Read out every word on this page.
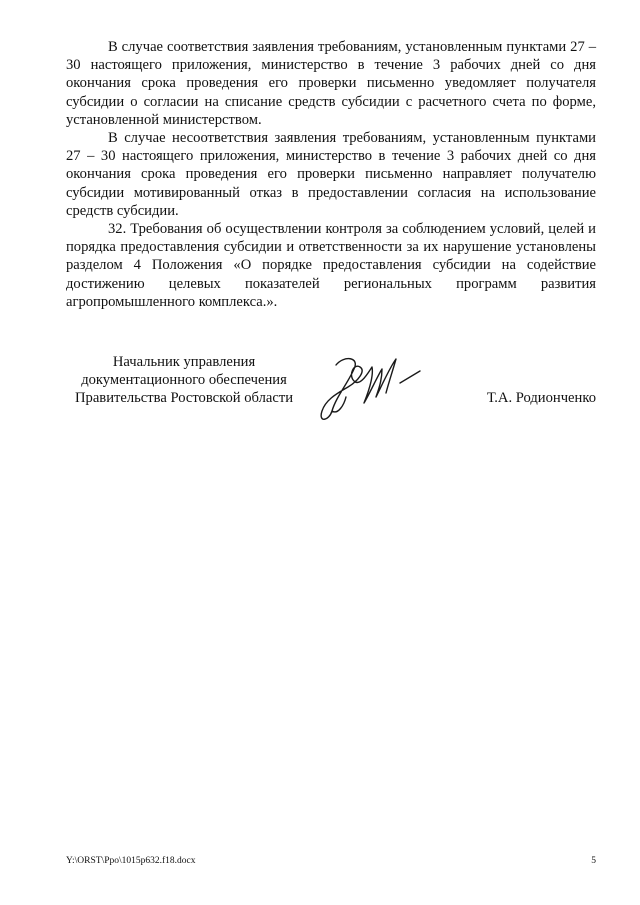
В случае соответствия заявления требованиям, установленным пунктами 27 – 30 настоящего приложения, министерство в течение 3 рабочих дней со дня окончания срока проведения его проверки письменно уведомляет получателя субсидии о согласии на списание средств субсидии с расчетного счета по форме, установленной министерством.

В случае несоответствия заявления требованиям, установленным пунктами 27 – 30 настоящего приложения, министерство в течение 3 рабочих дней со дня окончания срока проведения его проверки письменно направляет получателю субсидии мотивированный отказ в предоставлении согласия на использование средств субсидии.

32. Требования об осуществлении контроля за соблюдением условий, целей и порядка предоставления субсидии и ответственности за их нарушение установлены разделом 4 Положения «О порядке предоставления субсидии на содействие достижению целевых показателей региональных программ развития агропромышленного комплекса.».

Начальник управления
документационного обеспечения
Правительства Ростовской области	Т.А. Родионченко
Y:\ORST\Ppo\1015p632.f18.docx	5
